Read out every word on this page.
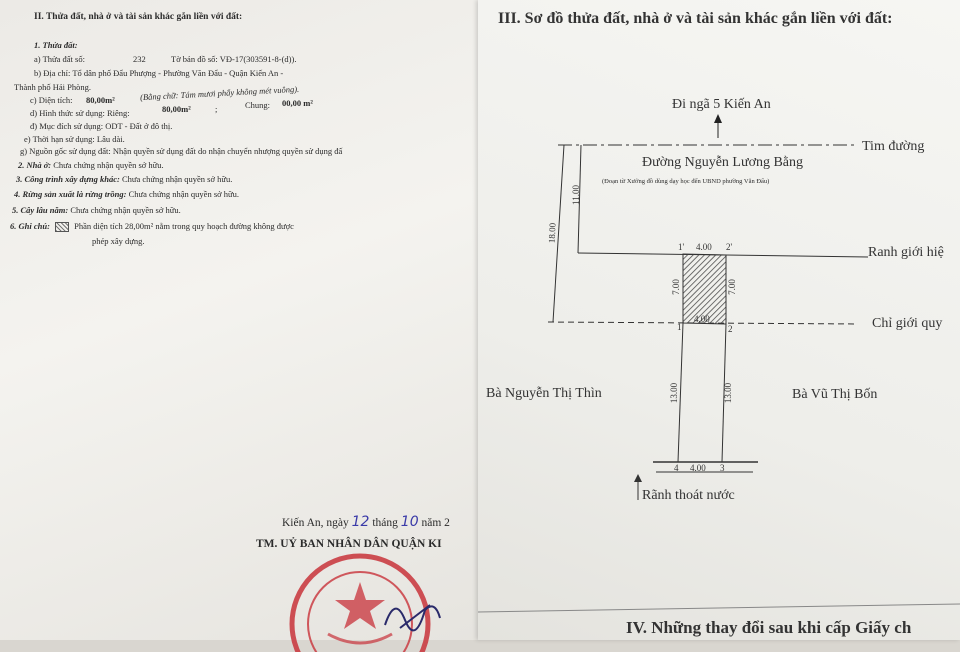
II. Thửa đất, nhà ở và tài sản khác gắn liền với đất:
1. Thửa đất:
a) Thửa đất số:	232	Tờ bản đồ số: VĐ-17(303591-8-(d)).
b) Địa chỉ: Tổ dân phố Đẩu Phượng - Phường Văn Đẩu - Quận Kiến An -
Thành phố Hải Phòng.
c) Diện tích: 80,00m²	(Bằng chữ: Tám mươi phẩy không mét vuông).
d) Hình thức sử dụng: Riêng:	80,00m²	;	Chung: 00,00 m²
đ) Mục đích sử dụng: ODT - Đất ở đô thị.
e) Thời hạn sử dụng: Lâu dài.
g) Nguồn gốc sử dụng đất: Nhận quyền sử dụng đất do nhận chuyển nhượng quyền sử dụng đấ
2. Nhà ở: Chưa chứng nhận quyền sở hữu.
3. Công trình xây dựng khác: Chưa chứng nhận quyền sở hữu.
4. Rừng sản xuất là rừng trồng: Chưa chứng nhận quyền sở hữu.
5. Cây lâu năm: Chưa chứng nhận quyền sở hữu.
6. Ghi chú:	Phần diện tích 28,00m² nằm trong quy hoạch đường không được
phép xây dựng.
Kiến An, ngày 12 tháng 10 năm 2
TM. UỶ BAN NHÂN DÂN QUẬN KI
III. Sơ đồ thửa đất, nhà ở và tài sản khác gắn liền với đất:
Đi ngã 5 Kiến An
Tim đường
Đường Nguyễn Lương Bằng
(Đoạn từ Xưởng đồ dùng dạy học đến UBND phường Văn Đẩu)
Ranh giới hiệ
Chỉ giới quy
Bà Nguyễn Thị Thìn	Bà Vũ Thị Bốn
Rãnh thoát nước
IV. Những thay đổi sau khi cấp Giấy ch
18.00
11.00
4.00
7.00	7.00
4.00
13.00	13.00
4.00
1'	2'
1	2
4	3
